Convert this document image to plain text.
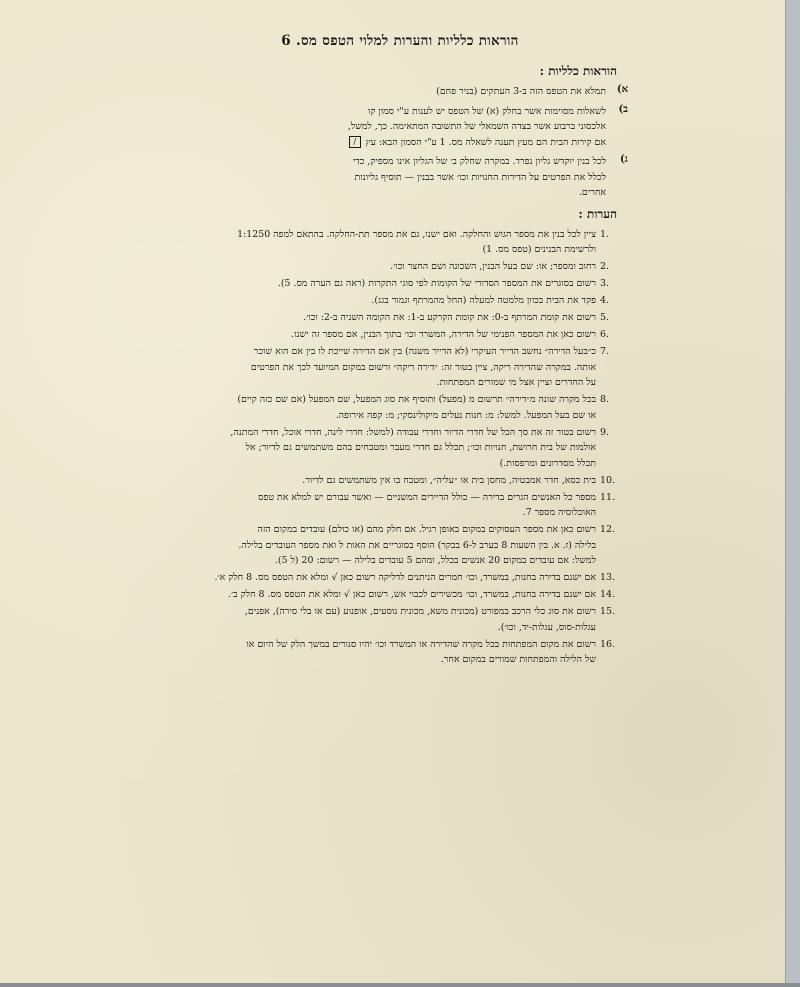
הוראות כלליות והערות למלוי הטפס מס. 6
הוראות כלליות :
הערות :
א)
תמלא את הטפס הזה ב-3 העתקים (בניר פחם)
ב)
לשאלות מסוימות אשר בחלק (א) של הטפס יש לענות ע"י סמון קו
אלכסוני ברבוע אשר בצדה השמאלי של התשובה המתאימה. כך, למשל,
אם קירות הבית הם מעץ תענה לשאלה מס. 1 ע"י הסמון הבא: עץ /
ג)
לכל בנין יוקדש גליון נפרד. במקרה שחלק ב׳ של הגליון אינו מספיק, כדי
לכלל את הפרטים על הדירות החנויות וכו׳ אשר בבנין — תוסיף גליונות
אחרים.
1.
ציין לכל בנין את מספר הגוש והחלקה. ואם ישנו, גם את מספר תת-החלקה. בהתאם למפה 1:1250
ולרשימת הבנינים (טפס מס. 1)
2.
רחוב ומספר; או: שם בעל הבנין, השכונה ושם החצר וכו׳.
3.
רשום בסוגרים את המספר הסדורי של הקומות לפי סוגי התקרות (ראה גם הערה מס. 5).
4.
פקד את הבית בכוון מלמטה למעלה (החל מהמרתף וגמור בגג).
5.
רשום את קומת המרתף ב-0: את קומת הקרקע ב-1: את הקומה השניה ב-2: וכו׳.
6.
רשום כאן את המספר הפנימי של הדירה, המשרד וכו׳ בתוך הבנין, אם מספר זה ישנו.
7.
כ״בעל הדירה״ נחשב הדייר העיקרי (לא הדייר משנה) בין אם הדירה שייכת לו בין אם הוא שוכר
אותה. במקרה שהדירה ריקה, ציין בטור זה: ״דירה ריקה״ ורשום במקום המיועד לכך את הפרטים
על החדרים וציין אצל מי שמורים המפתחות.
8.
בכל מקרה שונה מ״דירה״ תרשום מ (מפעל) ותוסיף את סוג המפעל, שם המפעל (אם שם כזה קיים)
או שם בעל המפעל. למשל: מ: חנות נעלים מיקולינסקי; מ: קפה אירופה.
9.
רשום בטור זה את סך הכל של חדרי הדיור וחדרי עבודה (למשל: חדרי לינה, חדרי אוכל, חדרי המתנה,
אולמות של בית חרושת, חנויות וכו׳; תכלל גם חדרי מעבר ומטבחים בהם משתמשים גם לדיור; אל
תכלל מסדרונים ומרפסות.)
10.
בית כסא, חדר אמבטיה, מחסן בית או ״עליה״, ומטבח בו אין משתמשים גם לדיור.
11.
מספר כל האנשים הגרים בדירה — כולל הדיירים המשניים — ואשר עבורם יש למלא את טפס
האוכלוסיה מספר 7.
12.
רשום כאן את מספר העסוקים במקום באופן רגיל. אם חלק מהם (או כולם) עובדים במקום הזה
בלילה (ז. א. בין השעות 8 בערב ל-6 בבקר) הוסף בסוגריים את האות ל ואת מספר העובדים בלילה.
למשל: אם עובדים במקום 20 אנשים בכלל, ומהם 5 עובדים בלילה — רשום: 20 (ל 5).
13.
אם ישנם בדירה בחנות, במשרד, וכו׳ חמרים הניתנים לדליקה רשום כאן √ ומלא את הטפס מס. 8 חלק א׳.
14.
אם ישנם בדירה בחנות, במשרד, וכו׳ מכשירים לכבוי אש, רשום כאן √ ומלא את הטפס מס. 8 חלק ב׳.
15.
רשום את סוג כלי הרכב במפורט (מכונית משא, מכונית נוסעים, אופנוע (עם או בלי סירה), אפנים,
עגלות-סוס, עגלות-יד, וכו׳).
16.
רשום את מקום המפתחות בכל מקרה שהדירה או המשרד וכו׳ יהיו סגורים במשך הלק של היום או
של הלילה והמפתחות שמורים במקום אחר.
